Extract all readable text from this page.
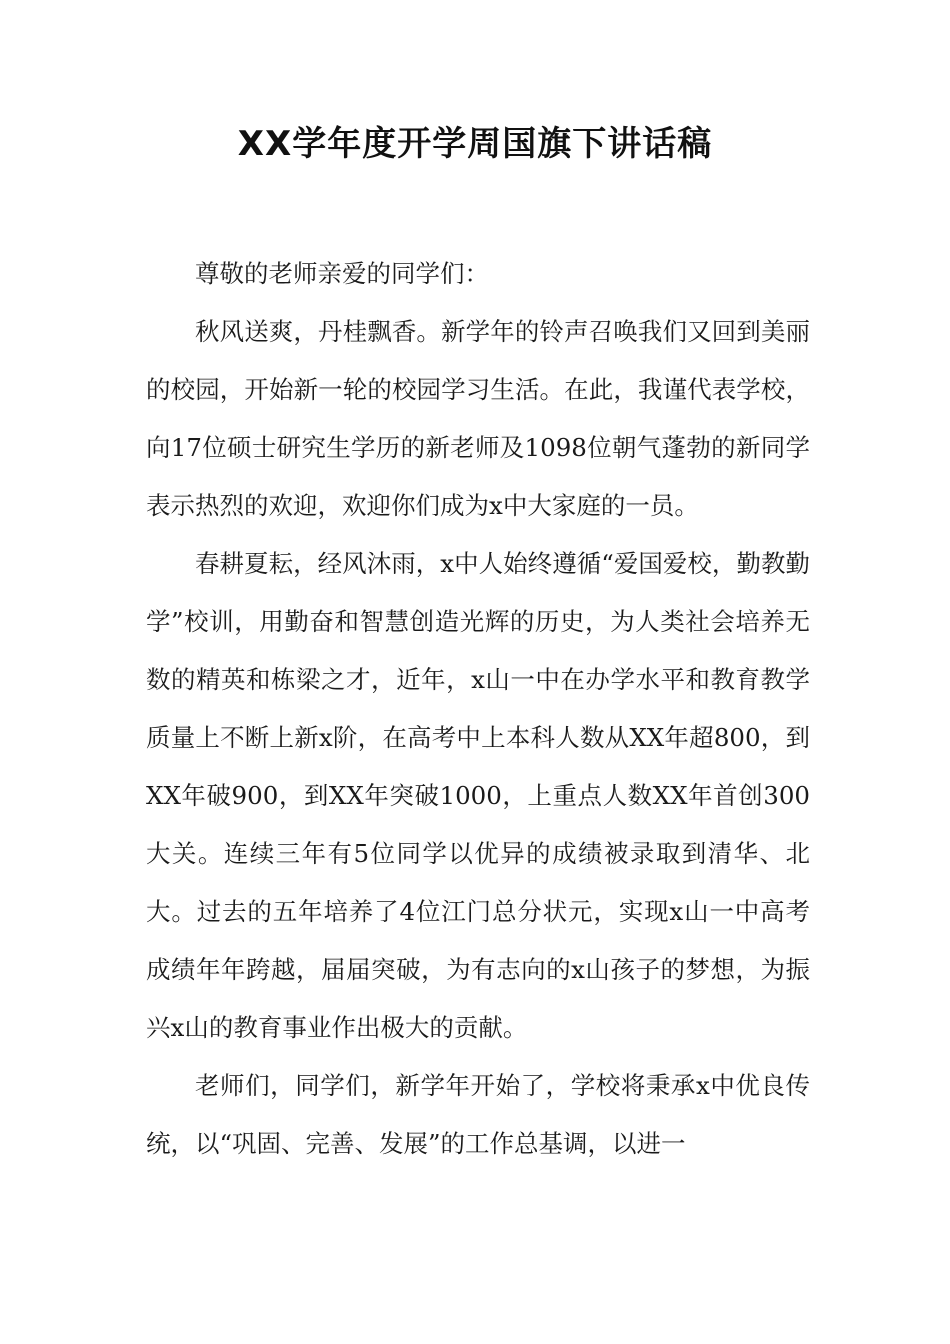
XX学年度开学周国旗下讲话稿

尊敬的老师亲爱的同学们：

秋风送爽，丹桂飘香。新学年的铃声召唤我们又回到美丽的校园，开始新一轮的校园学习生活。在此，我谨代表学校，向17位硕士研究生学历的新老师及1098位朝气蓬勃的新同学表示热烈的欢迎，欢迎你们成为x中大家庭的一员。

春耕夏耘，经风沐雨，x中人始终遵循“爱国爱校，勤教勤学”校训，用勤奋和智慧创造光辉的历史，为人类社会培养无数的精英和栋梁之才，近年，x山一中在办学水平和教育教学质量上不断上新x阶，在高考中上本科人数从XX年超800，到XX年破900，到XX年突破1000，上重点人数XX年首创300大关。连续三年有5位同学以优异的成绩被录取到清华、北大。过去的五年培养了4位江门总分状元，实现x山一中高考成绩年年跨越，届届突破，为有志向的x山孩子的梦想，为振兴x山的教育事业作出极大的贡献。

老师们，同学们，新学年开始了，学校将秉承x中优良传统，以“巩固、完善、发展”的工作总基调，以进一
